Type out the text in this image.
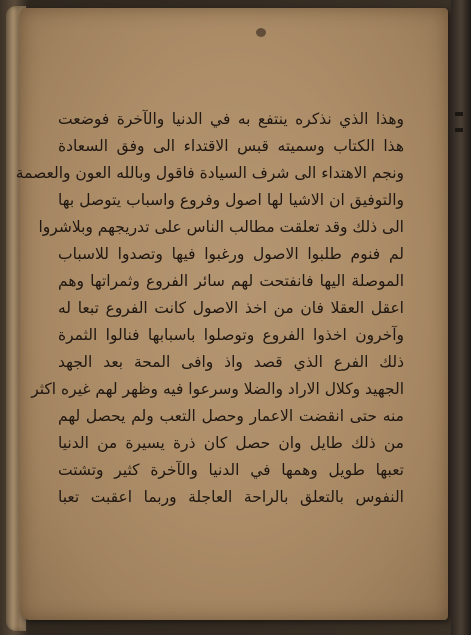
وهذا الذي نذكره ينتفع به في الدنيا والآخرة فوضعت
هذا الكتاب وسميته قبس الاقتداء الى وفق السعادة
ونجم الاهتداء الى شرف السيادة فاقول وبالله العون والعصمة
والتوفيق ان الاشيا لها اصول وفروع واسباب يتوصل بها
الى ذلك وقد تعلقت مطالب الناس على تدريجهم وبلاشروا
لم فنوم طلبوا الاصول ورغبوا فيها وتصدوا للاسباب
الموصلة اليها فانفتحت لهم سائر الفروع وثمراتها وهم
اعقل العقلا فان من اخذ الاصول كانت الفروع تبعا له
وآخرون اخذوا الفروع وتوصلوا باسبابها فنالوا الثمرة
ذلك الفرع الذي قصد واذ وافى المحة بعد الجهد
الجهيد وكلال الاراد والضلا وسرعوا فيه وظهر لهم غيره اكثر
منه حتى انقضت الاعمار وحصل التعب ولم يحصل لهم
من ذلك طايل وان حصل كان ذرة يسيرة من الدنيا
تعبها طويل وهمها في الدنيا والآخرة كثير وتشتت
النفوس بالتعلق بالراحة العاجلة وربما اعقبت تعبا
